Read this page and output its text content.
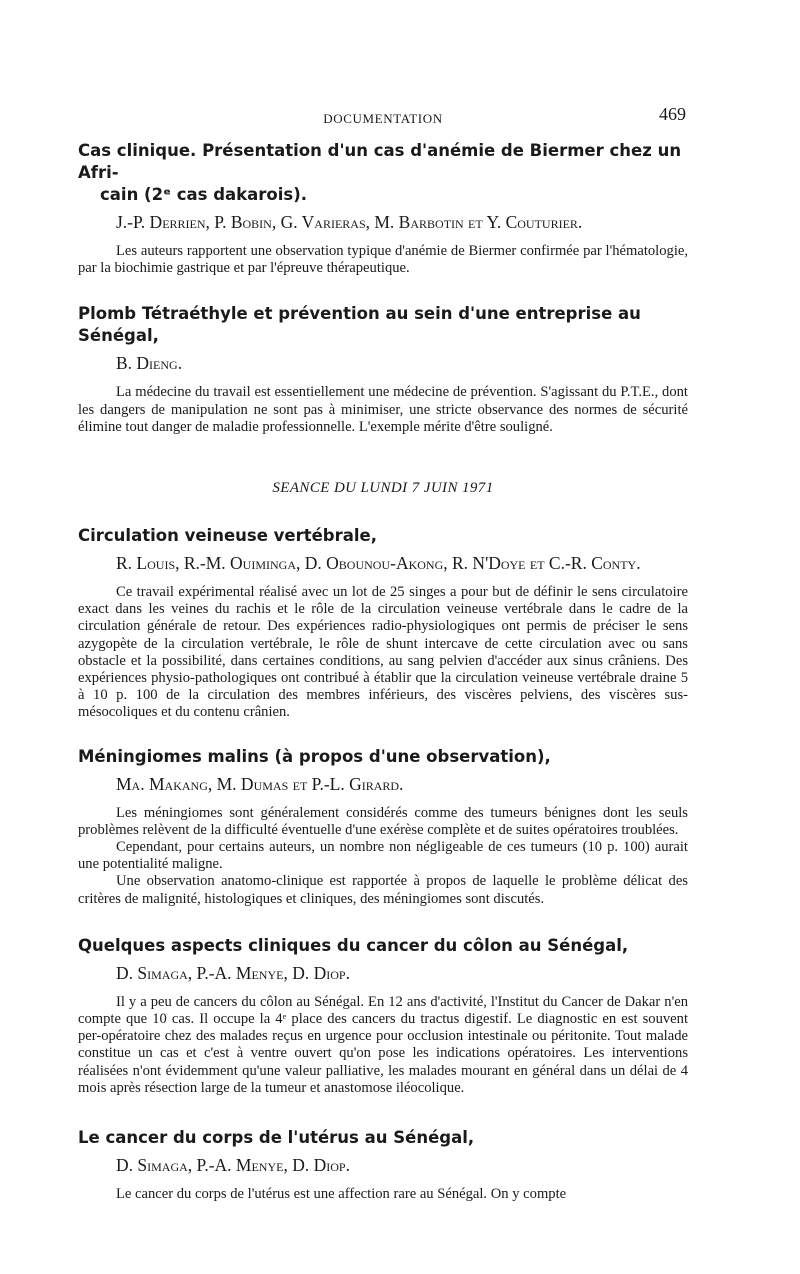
DOCUMENTATION	469
Cas clinique. Présentation d'un cas d'anémie de Biermer chez un Afri-
cain (2ᵉ cas dakarois).

J.-P. Derrien, P. Bobin, G. Varieras, M. Barbotin et Y. Couturier.

Les auteurs rapportent une observation typique d'anémie de Biermer confirmée par l'hématologie, par la biochimie gastrique et par l'épreuve thérapeutique.

Plomb Tétraéthyle et prévention au sein d'une entreprise au Sénégal,

B. Dieng.

La médecine du travail est essentiellement une médecine de prévention. S'agissant du P.T.E., dont les dangers de manipulation ne sont pas à minimiser, une stricte observance des normes de sécurité élimine tout danger de maladie professionnelle. L'exemple mérite d'être souligné.

SEANCE DU LUNDI 7 JUIN 1971
Circulation veineuse vertébrale,

R. Louis, R.-M. Ouiminga, D. Obounou-Akong, R. N'Doye et C.-R. Conty.

Ce travail expérimental réalisé avec un lot de 25 singes a pour but de définir le sens circulatoire exact dans les veines du rachis et le rôle de la circulation veineuse vertébrale dans le cadre de la circulation générale de retour. Des expériences radio-physiologiques ont permis de préciser le sens azygopète de la circulation vertébrale, le rôle de shunt intercave de cette circulation avec ou sans obstacle et la possibilité, dans certaines conditions, au sang pelvien d'accéder aux sinus crâniens. Des expériences physio-pathologiques ont contribué à établir que la circulation veineuse vertébrale draine 5 à 10 p. 100 de la circulation des membres inférieurs, des viscères pelviens, des viscères sus-mésocoliques et du contenu crânien.

Méningiomes malins (à propos d'une observation),

Ma. Makang, M. Dumas et P.-L. Girard.

Les méningiomes sont généralement considérés comme des tumeurs bénignes dont les seuls problèmes relèvent de la difficulté éventuelle d'une exérèse complète et de suites opératoires troublées.

Cependant, pour certains auteurs, un nombre non négligeable de ces tumeurs (10 p. 100) aurait une potentialité maligne.

Une observation anatomo-clinique est rapportée à propos de laquelle le problème délicat des critères de malignité, histologiques et cliniques, des méningiomes sont discutés.

Quelques aspects cliniques du cancer du côlon au Sénégal,

D. Simaga, P.-A. Menye, D. Diop.

Il y a peu de cancers du côlon au Sénégal. En 12 ans d'activité, l'Institut du Cancer de Dakar n'en compte que 10 cas. Il occupe la 4ᵉ place des cancers du tractus digestif. Le diagnostic en est souvent per-opératoire chez des malades reçus en urgence pour occlusion intestinale ou péritonite. Tout malade constitue un cas et c'est à ventre ouvert qu'on pose les indications opératoires. Les interventions réalisées n'ont évidemment qu'une valeur palliative, les malades mourant en général dans un délai de 4 mois après résection large de la tumeur et anastomose iléocolique.

Le cancer du corps de l'utérus au Sénégal,

D. Simaga, P.-A. Menye, D. Diop.

Le cancer du corps de l'utérus est une affection rare au Sénégal. On y compte
